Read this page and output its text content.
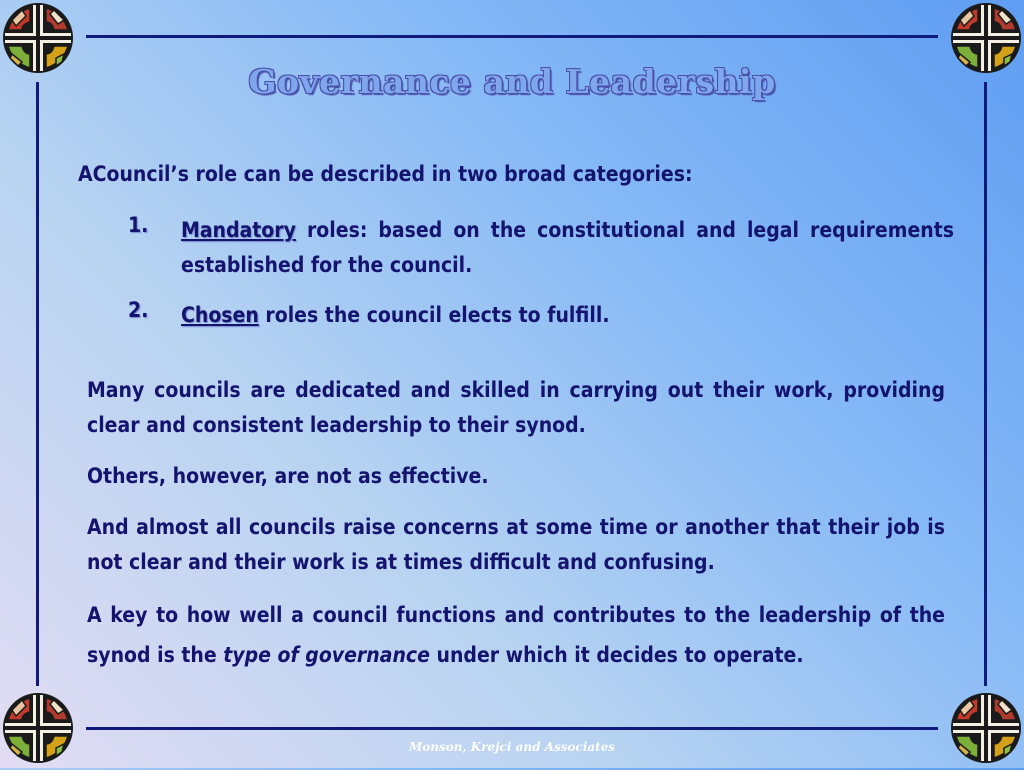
Governance and Leadership
ACouncil’s role can be described in two broad categories:
1. Mandatory roles: based on the constitutional and legal requirements established for the council.
2. Chosen roles the council elects to fulfill.
Many councils are dedicated and skilled in carrying out their work, providing clear and consistent leadership to their synod.
Others, however, are not as effective.
And almost all councils raise concerns at some time or another that their job is not clear and their work is at times difficult and confusing.
A key to how well a council functions and contributes to the leadership of the synod is the type of governance under which it decides to operate.
Monson, Krejci and Associates
